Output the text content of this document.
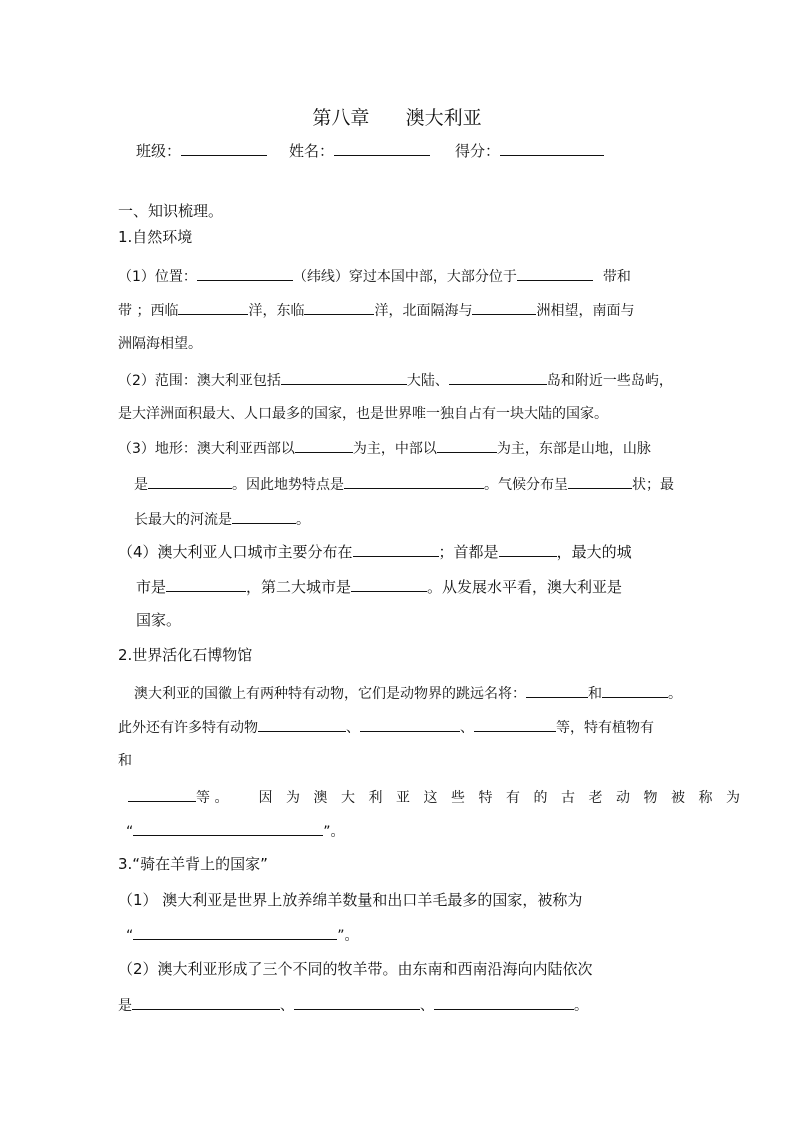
第八章      澳大利亚
班级：	姓名：	得分：
一、知识梳理。
1.自然环境
（1）位置：	（纬线）穿过本国中部，大部分位于	带和
带 ；西临	洋，东临	洋，北面隔海与	洲相望，南面与
洲隔海相望。
（2）范围：澳大利亚包括	大陆、	岛和附近一些岛屿，
是大洋洲面积最大、人口最多的国家，也是世界唯一独自占有一块大陆的国家。
（3）地形：澳大利亚西部以	为主，中部以	为主，东部是山地，山脉
是	。因此地势特点是	。气候分布呈	状；最
长最大的河流是	。
（4）澳大利亚人口城市主要分布在	；首都是	，最大的城
市是	，第二大城市是	。从发展水平看，澳大利亚是
国家。
2.世界活化石博物馆
澳大利亚的国徽上有两种特有动物，它们是动物界的跳远名将：	和	。
此外还有许多特有动物	、	、	等，特有植物有
和
等 。 因为澳大利亚这些特有的古老动物被称为
“	”。
3.“骑在羊背上的国家”
（1） 澳大利亚是世界上放养绵羊数量和出口羊毛最多的国家，被称为
“	”。
（2）澳大利亚形成了三个不同的牧羊带。由东南和西南沿海向内陆依次
是	、	、	。
